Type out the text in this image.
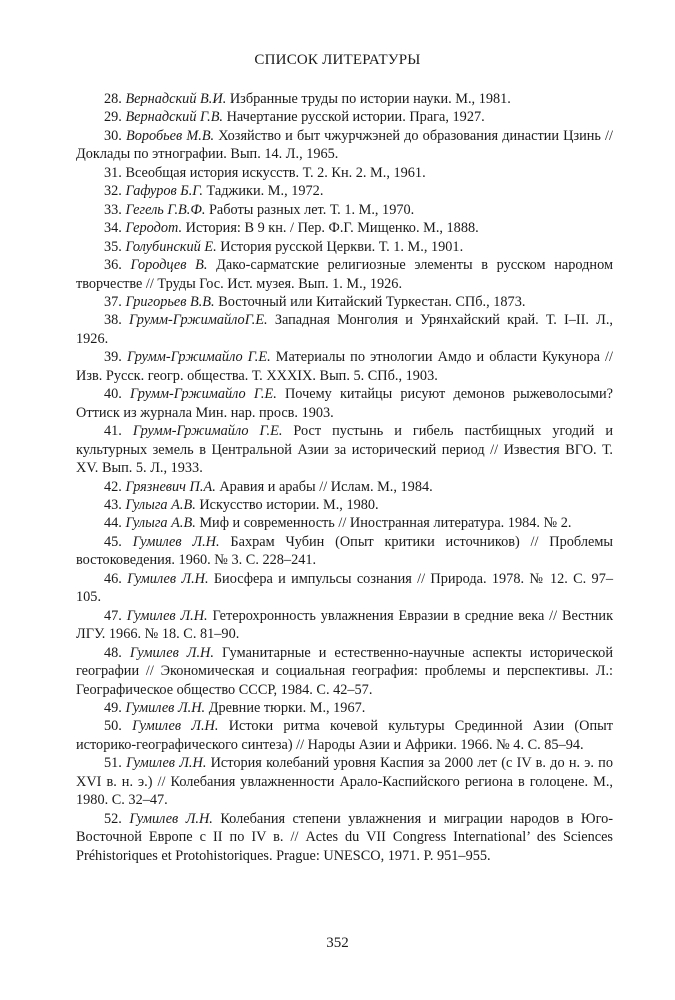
СПИСОК ЛИТЕРАТУРЫ

28. Вернадский В.И. Избранные труды по истории науки. М., 1981.

29. Вернадский Г.В. Начертание русской истории. Прага, 1927.

30. Воробьев М.В. Хозяйство и быт чжурчжэней до образования династии Цзинь // Доклады по этнографии. Вып. 14. Л., 1965.

31. Всеобщая история искусств. Т. 2. Кн. 2. М., 1961.

32. Гафуров Б.Г. Таджики. М., 1972.

33. Гегель Г.В.Ф. Работы разных лет. Т. 1. М., 1970.

34. Геродот. История: В 9 кн. / Пер. Ф.Г. Мищенко. М., 1888.

35. Голубинский Е. История русской Церкви. Т. 1. М., 1901.

36. Городцев В. Дако-сарматские религиозные элементы в русском народном творчестве // Труды Гос. Ист. музея. Вып. 1. М., 1926.

37. Григорьев В.В. Восточный или Китайский Туркестан. СПб., 1873.

38. Грумм-ГржимайлоГ.Е. Западная Монголия и Урянхайский край. Т. I–II. Л., 1926.

39. Грумм-Гржимайло Г.Е. Материалы по этнологии Амдо и области Кукунора // Изв. Русск. геогр. общества. Т. XXXIX. Вып. 5. СПб., 1903.

40. Грумм-Гржимайло Г.Е. Почему китайцы рисуют демонов рыжеволосыми? Оттиск из журнала Мин. нар. просв. 1903.

41. Грумм-Гржимайло Г.Е. Рост пустынь и гибель пастбищных угодий и культурных земель в Центральной Азии за исторический период // Известия ВГО. Т. XV. Вып. 5. Л., 1933.

42. Грязневич П.А. Аравия и арабы // Ислам. М., 1984.

43. Гулыга А.В. Искусство истории. М., 1980.

44. Гулыга А.В. Миф и современность // Иностранная литература. 1984. № 2.

45. Гумилев Л.Н. Бахрам Чубин (Опыт критики источников) // Проблемы востоковедения. 1960. № 3. С. 228–241.

46. Гумилев Л.Н. Биосфера и импульсы сознания // Природа. 1978. № 12. С. 97–105.

47. Гумилев Л.Н. Гетерохронность увлажнения Евразии в средние века // Вестник ЛГУ. 1966. № 18. С. 81–90.

48. Гумилев Л.Н. Гуманитарные и естественно-научные аспекты исторической географии // Экономическая и социальная география: проблемы и перспективы. Л.: Географическое общество СССР, 1984. С. 42–57.

49. Гумилев Л.Н. Древние тюрки. М., 1967.

50. Гумилев Л.Н. Истоки ритма кочевой культуры Срединной Азии (Опыт историко-географического синтеза) // Народы Азии и Африки. 1966. № 4. С. 85–94.

51. Гумилев Л.Н. История колебаний уровня Каспия за 2000 лет (с IV в. до н. э. по XVI в. н. э.) // Колебания увлажненности Арало-Каспийского региона в голоцене. М., 1980. С. 32–47.

52. Гумилев Л.Н. Колебания степени увлажнения и миграции народов в Юго-Восточной Европе с II по IV в. // Actes du VII Congress International’ des Sciences Préhistoriques et Protohistoriques. Prague: UNESCO, 1971. P. 951–955.

352
